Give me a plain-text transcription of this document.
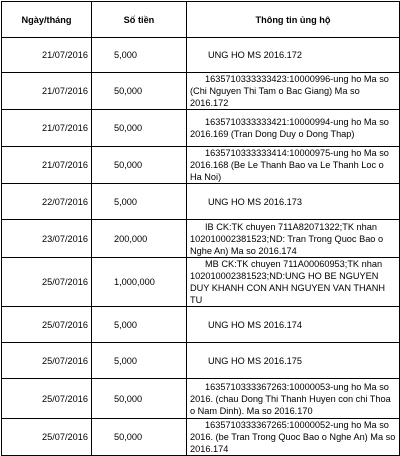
Ngày/tháng	Số tiền	Thông tin ủng hộ
21/07/2016	5,000	UNG HO MS 2016.172

21/07/2016	50,000	1635710333333423:10000996-ung ho Ma so (Chi Nguyen Thi Tam o Bac Giang) Ma so 2016.172

21/07/2016	50,000	1635710333333421:10000994-ung ho Ma so 2016.169 (Tran Dong Duy o Dong Thap)

21/07/2016	50,000	1635710333333414:10000975-ung ho Ma so 2016.168 (Be Le Thanh Bao va Le Thanh Loc o Ha Noi)

22/07/2016	5,000	UNG HO MS 2016.173

23/07/2016	200,000	IB CK:TK chuyen 711A82071322;TK nhan 102010002381523;ND: Tran Trong Quoc Bao o Nghe An) Ma so 2016.174

25/07/2016	1,000,000	MB CK:TK chuyen 711A00060953;TK nhan 102010002381523;ND:UNG HO BE NGUYEN DUY KHANH CON ANH NGUYEN VAN THANH TU

25/07/2016	5,000	UNG HO MS 2016.174

25/07/2016	5,000	UNG HO MS 2016.175

25/07/2016	50,000	1635710333367263:10000053-ung ho Ma so 2016. (chau Dong Thi Thanh Huyen con chi Thoa o Nam Dinh). Ma so 2016.170

25/07/2016	50,000	1635710333367265:10000052-ung ho Ma so 2016. (be Tran Trong Quoc Bao o Nghe An) Ma so 2016.174
